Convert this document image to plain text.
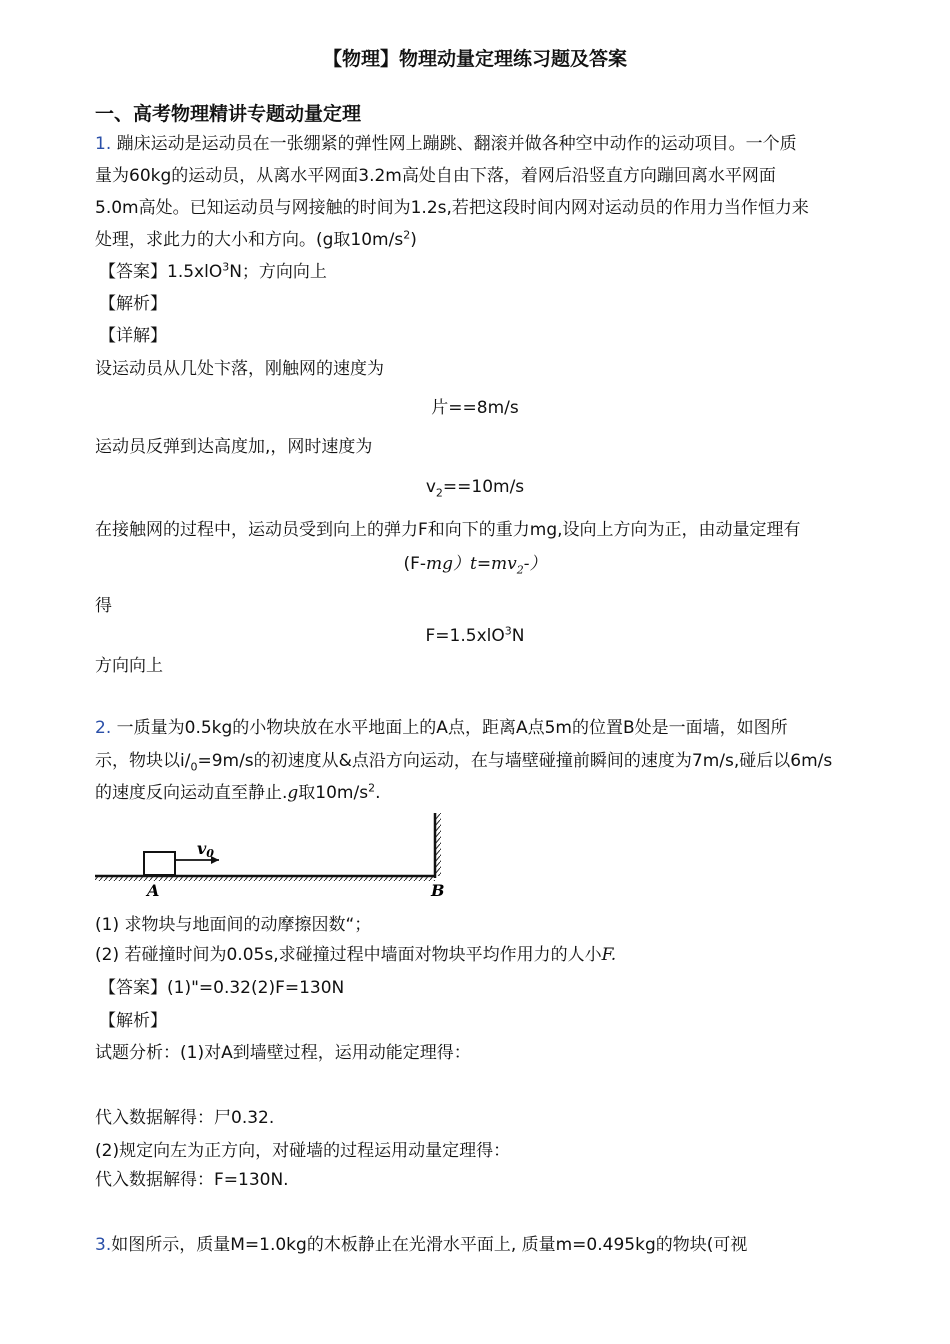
【物理】物理动量定理练习题及答案
一、高考物理精讲专题动量定理
1. 蹦床运动是运动员在一张绷紧的弹性网上蹦跳、翻滚并做各种空中动作的运动项目。一个质
量为60kg的运动员，从离水平网面3.2m高处自由下落，着网后沿竖直方向蹦回离水平网面
5.0m高处。已知运动员与网接触的时间为1.2s,若把这段时间内网对运动员的作用力当作恒力来
处理，求此力的大小和方向。(g取$10m/s^2$)
【答案】1.5xlO$^3$N；方向向上
【解析】
【详解】
设运动员从几处卞落，刚触网的速度为
片==8m/s
运动员反弹到达高度加,，网时速度为
$v_2==10m/s$
在接触网的过程中，运动员受到向上的弹力F和向下的重力mg,设向上方向为正，由动量定理有
$(F-mg)t=mv_2-$）
得
F=1.5xlO$^3$N
方向向上
2. 一质量为0.5kg的小物块放在水平地面上的A点，距离A点5m的位置B处是一面墙，如图所
示，物块以$i/_0=9m/s$的初速度从&点沿方向运动，在与墙壁碰撞前瞬间的速度为7m/s,碰后以6m/s
的速度反向运动直至静止.g取$10m/s^2$.
v0
A	B
(1) 求物块与地面间的动摩擦因数“；
(2) 若碰撞时间为0.05s,求碰撞过程中墙面对物块平均作用力的人小F.
【答案】(1)"=0.32(2)F=130N
【解析】
试题分析：(1)对A到墙壁过程，运用动能定理得：
代入数据解得：尸0.32.
(2)规定向左为正方向，对碰墙的过程运用动量定理得：
代入数据解得：F=130N.
3.如图所示，质量M=1.0kg的木板静止在光滑水平面上, 质量m=0.495kg的物块(可视
